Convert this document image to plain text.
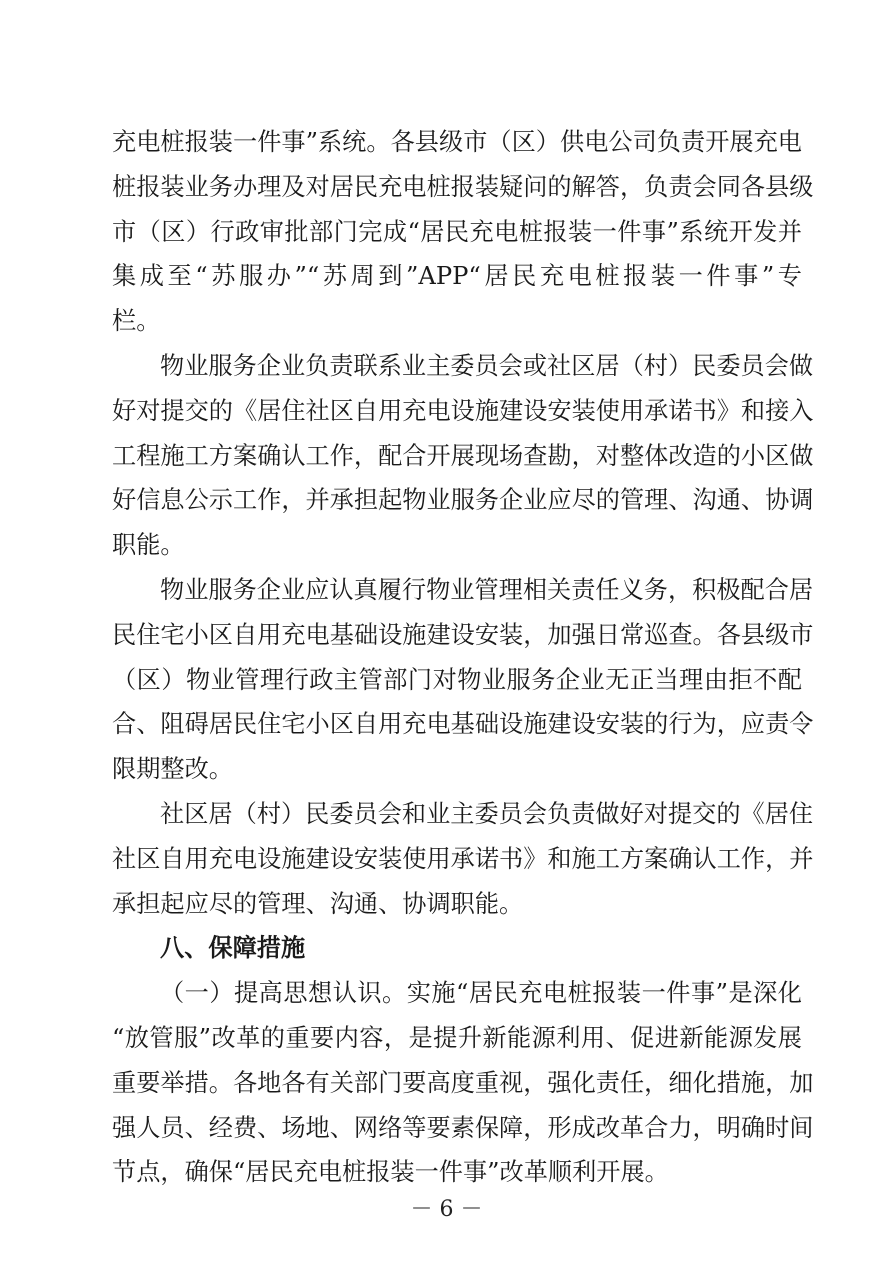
充电桩报装一件事”系统。各县级市（区）供电公司负责开展充电
桩报装业务办理及对居民充电桩报装疑问的解答，负责会同各县级
市（区）行政审批部门完成“居民充电桩报装一件事”系统开发并
集成至“苏服办”“苏周到”APP“居民充电桩报装一件事”专
栏。
物业服务企业负责联系业主委员会或社区居（村）民委员会做
好对提交的《居住社区自用充电设施建设安装使用承诺书》和接入
工程施工方案确认工作，配合开展现场查勘，对整体改造的小区做
好信息公示工作，并承担起物业服务企业应尽的管理、沟通、协调
职能。
物业服务企业应认真履行物业管理相关责任义务，积极配合居
民住宅小区自用充电基础设施建设安装，加强日常巡查。各县级市
（区）物业管理行政主管部门对物业服务企业无正当理由拒不配
合、阻碍居民住宅小区自用充电基础设施建设安装的行为，应责令
限期整改。
社区居（村）民委员会和业主委员会负责做好对提交的《居住
社区自用充电设施建设安装使用承诺书》和施工方案确认工作，并
承担起应尽的管理、沟通、协调职能。
八、保障措施
（一）提高思想认识。实施“居民充电桩报装一件事”是深化
“放管服”改革的重要内容，是提升新能源利用、促进新能源发展
重要举措。各地各有关部门要高度重视，强化责任，细化措施，加
强人员、经费、场地、网络等要素保障，形成改革合力，明确时间
节点，确保“居民充电桩报装一件事”改革顺利开展。
－ 6 －
